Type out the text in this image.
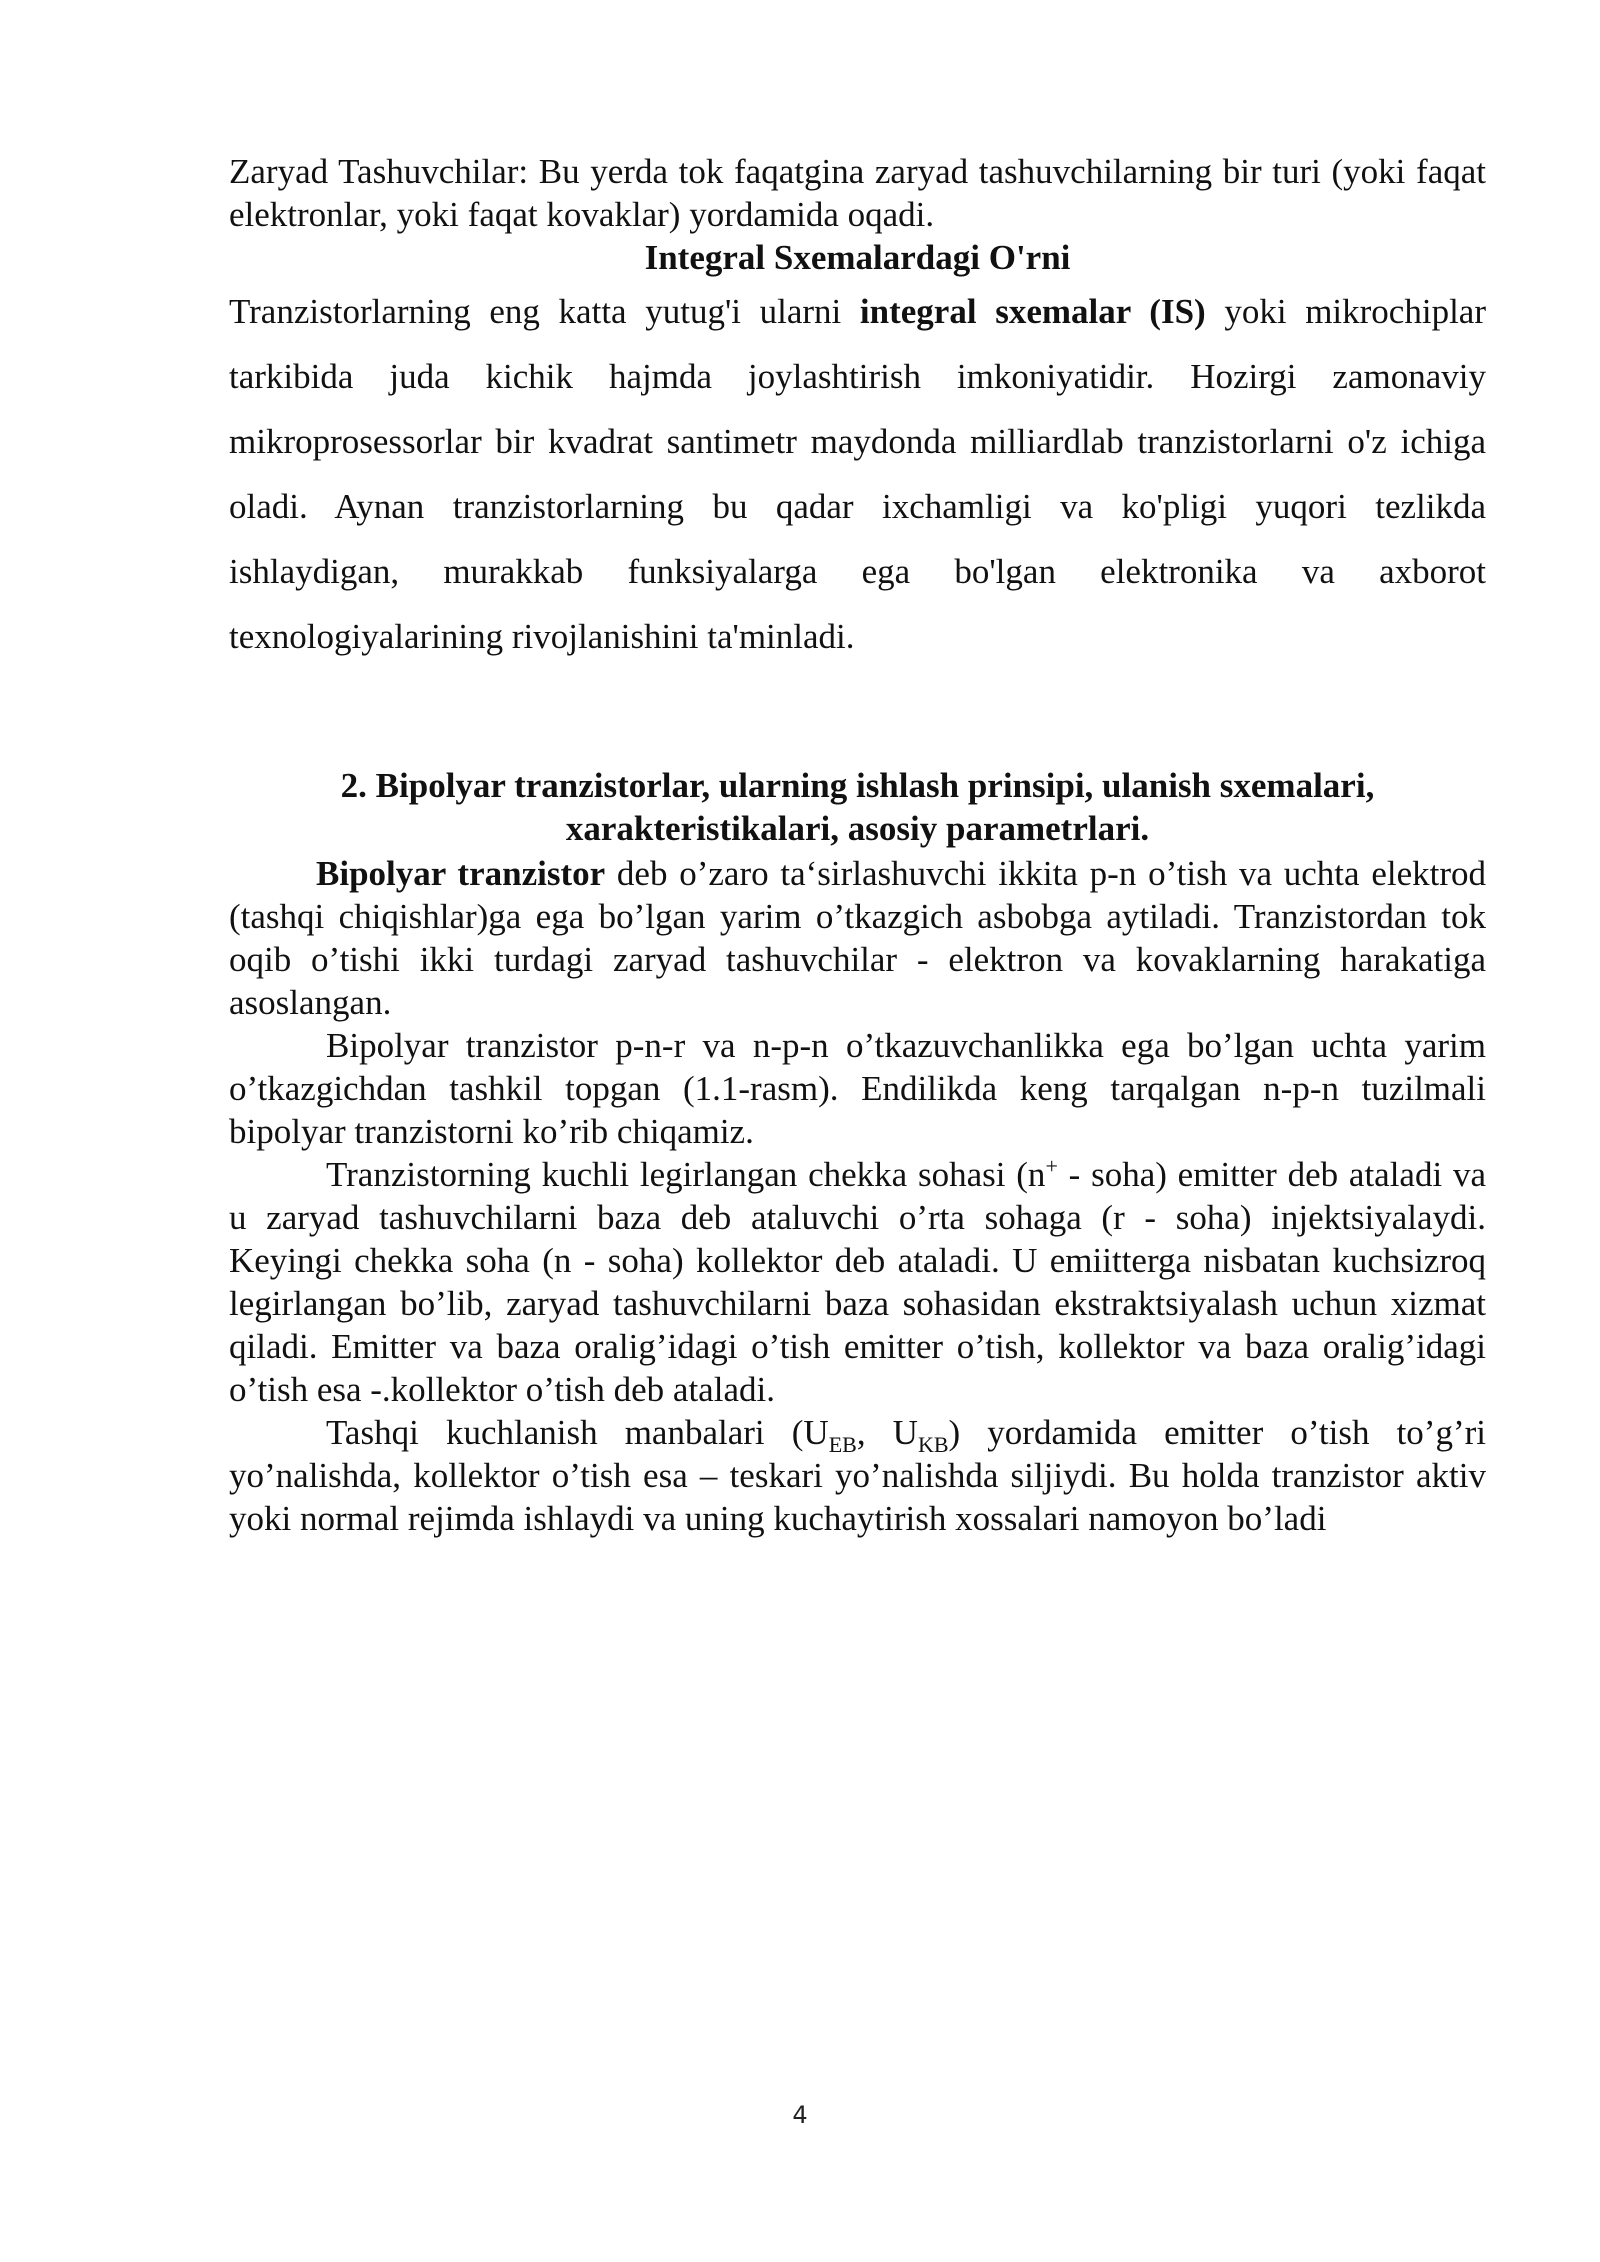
Zaryad Tashuvchilar: Bu yerda tok faqatgina zaryad tashuvchilarning bir turi (yoki faqat elektronlar, yoki faqat kovaklar) yordamida oqadi.

Integral Sxemalardagi O'rni

Tranzistorlarning eng katta yutug'i ularni integral sxemalar (IS) yoki mikrochiplar tarkibida juda kichik hajmda joylashtirish imkoniyatidir. Hozirgi zamonaviy mikroprosessorlar bir kvadrat santimetr maydonda milliardlab tranzistorlarni o'z ichiga oladi. Aynan tranzistorlarning bu qadar ixchamligi va ko'pligi yuqori tezlikda ishlaydigan, murakkab funksiyalarga ega bo'lgan elektronika va axborot texnologiyalarining rivojlanishini ta'minladi.

2. Bipolyar tranzistorlar, ularning ishlash prinsipi, ulanish sxemalari,

xarakteristikalari, asosiy parametrlari.

Bipolyar tranzistor deb o’zaro ta‘sirlashuvchi ikkita p-n o’tish va uchta elektrod (tashqi chiqishlar)ga ega bo’lgan yarim o’tkazgich asbobga aytiladi. Tranzistordan tok oqib o’tishi ikki turdagi zaryad tashuvchilar - elektron va kovaklarning harakatiga asoslangan.

Bipolyar tranzistor p-n-r va n-p-n o’tkazuvchanlikka ega bo’lgan uchta yarim o’tkazgichdan tashkil topgan (1.1-rasm). Endilikda keng tarqalgan n-p-n tuzilmali bipolyar tranzistorni ko’rib chiqamiz.

Tranzistorning kuchli legirlangan chekka sohasi (n+ - soha) emitter deb ataladi va u zaryad tashuvchilarni baza deb ataluvchi o’rta sohaga (r - soha) injektsiyalaydi. Keyingi chekka soha (n - soha) kollektor deb ataladi. U emiitterga nisbatan kuchsizroq legirlangan bo’lib, zaryad tashuvchilarni baza sohasidan ekstraktsiyalash uchun xizmat qiladi. Emitter va baza oralig’idagi o’tish emitter o’tish, kollektor va baza oralig’idagi o’tish esa -.kollektor o’tish deb ataladi.

Tashqi kuchlanish manbalari ($U_{EB}$, $U_{KB}$) yordamida emitter o’tish to’g’ri yo’nalishda, kollektor o’tish esa – teskari yo’nalishda siljiydi. Bu holda tranzistor aktiv yoki normal rejimda ishlaydi va uning kuchaytirish xossalari namoyon bo’ladi

4
